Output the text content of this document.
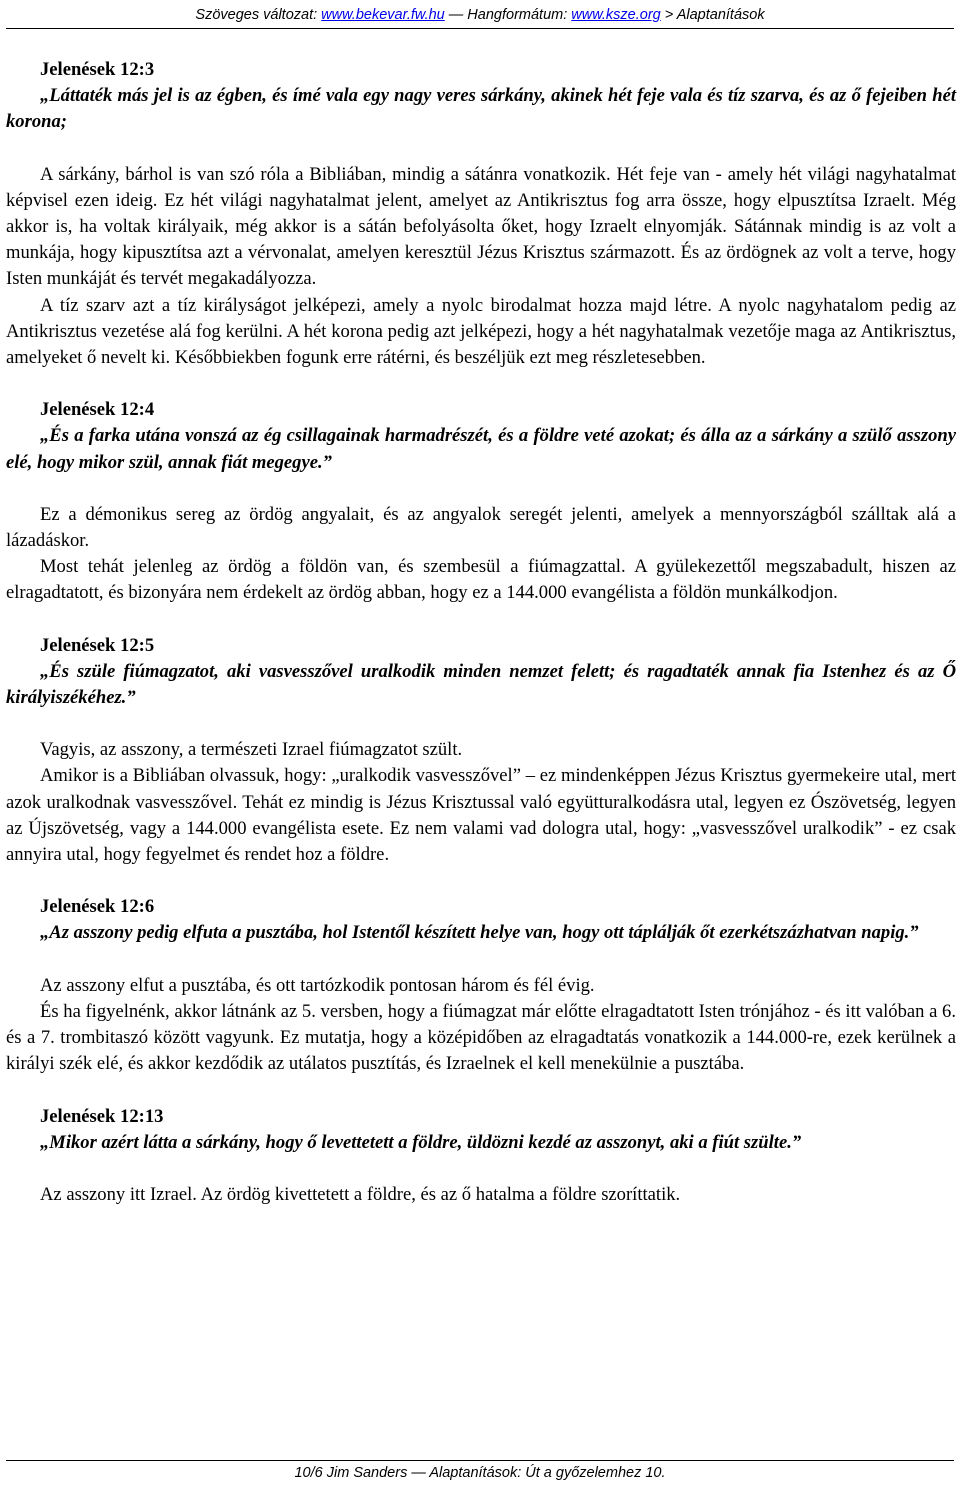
Szöveges változat: www.bekevar.fw.hu — Hangformátum: www.ksze.org > Alaptanítások

Jelenések 12:3

„Láttaték más jel is az égben, és ímé vala egy nagy veres sárkány, akinek hét feje vala és tíz szarva, és az ő fejeiben hét korona;

A sárkány, bárhol is van szó róla a Bibliában, mindig a sátánra vonatkozik. Hét feje van - amely hét világi nagyhatalmat képvisel ezen ideig. Ez hét világi nagyhatalmat jelent, amelyet az Antikrisztus fog arra össze, hogy elpusztítsa Izraelt. Még akkor is, ha voltak királyaik, még akkor is a sátán befolyásolta őket, hogy Izraelt elnyomják. Sátánnak mindig is az volt a munkája, hogy kipusztítsa azt a vérvonalat, amelyen keresztül Jézus Krisztus származott. És az ördögnek az volt a terve, hogy Isten munkáját és tervét megakadályozza.

A tíz szarv azt a tíz királyságot jelképezi, amely a nyolc birodalmat hozza majd létre. A nyolc nagyhatalom pedig az Antikrisztus vezetése alá fog kerülni. A hét korona pedig azt jelképezi, hogy a hét nagyhatalmak vezetője maga az Antikrisztus, amelyeket ő nevelt ki. Későbbiekben fogunk erre rátérni, és beszéljük ezt meg részletesebben.

Jelenések 12:4

„És a farka utána vonszá az ég csillagainak harmadrészét, és a földre veté azokat; és álla az a sárkány a szülő asszony elé, hogy mikor szül, annak fiát megegye.”

Ez a démonikus sereg az ördög angyalait, és az angyalok seregét jelenti, amelyek a mennyországból szálltak alá a lázadáskor.

Most tehát jelenleg az ördög a földön van, és szembesül a fiúmagzattal. A gyülekezettől megszabadult, hiszen az elragadtatott, és bizonyára nem érdekelt az ördög abban, hogy ez a 144.000 evangélista a földön munkálkodjon.

Jelenések 12:5

„És szüle fiúmagzatot, aki vasvesszővel uralkodik minden nemzet felett; és ragadtaték annak fia Istenhez és az Ő királyiszékéhez.”

Vagyis, az asszony, a természeti Izrael fiúmagzatot szült.

Amikor is a Bibliában olvassuk, hogy: „uralkodik vasvesszővel” – ez mindenképpen Jézus Krisztus gyermekeire utal, mert azok uralkodnak vasvesszővel. Tehát ez mindig is Jézus Krisztussal való együtturalkodásra utal, legyen ez Ószövetség, legyen az Újszövetség, vagy a 144.000 evangélista esete. Ez nem valami vad dologra utal, hogy: „vasvesszővel uralkodik” - ez csak annyira utal, hogy fegyelmet és rendet hoz a földre.

Jelenések 12:6

„Az asszony pedig elfuta a pusztába, hol Istentől készített helye van, hogy ott táplálják őt ezerkétszázhatvan napig.”

Az asszony elfut a pusztába, és ott tartózkodik pontosan három és fél évig.

És ha figyelnénk, akkor látnánk az 5. versben, hogy a fiúmagzat már előtte elragadtatott Isten trónjához - és itt valóban a 6. és a 7. trombitaszó között vagyunk. Ez mutatja, hogy a középidőben az elragadtatás vonatkozik a 144.000-re, ezek kerülnek a királyi szék elé, és akkor kezdődik az utálatos pusztítás, és Izraelnek el kell menekülnie a pusztába.

Jelenések 12:13

„Mikor azért látta a sárkány, hogy ő levettetett a földre, üldözni kezdé az asszonyt, aki a fiút szülte.”

Az asszony itt Izrael. Az ördög kivettetett a földre, és az ő hatalma a földre szoríttatik.

10/6 Jim Sanders — Alaptanítások: Út a győzelemhez 10.
